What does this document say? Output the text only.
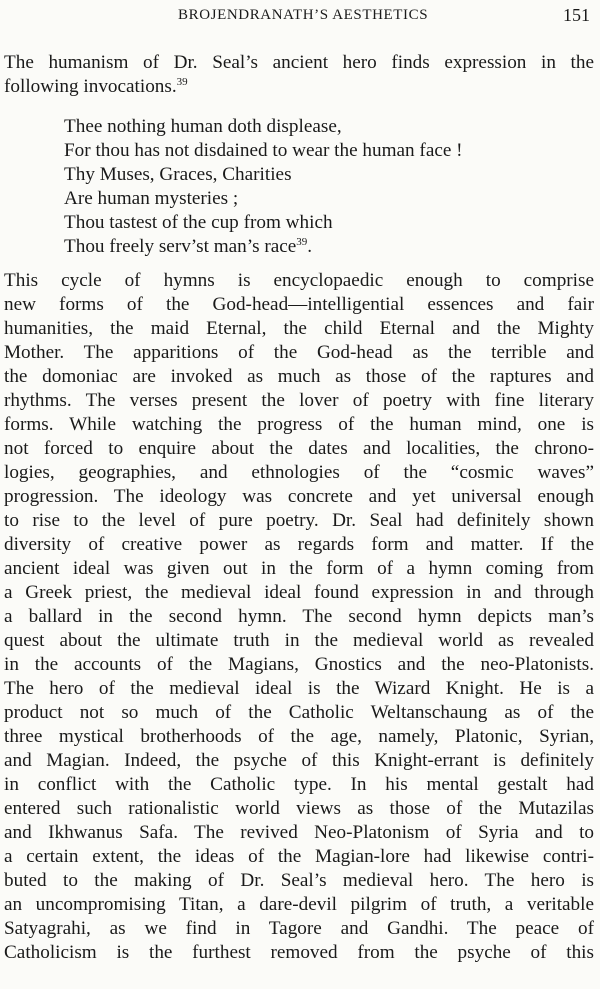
BROJENDRANATH’S AESTHETICS	151
The humanism of Dr. Seal’s ancient hero finds expression in the
following invocations.$^{39}$
Thee nothing human doth displease,
For thou has not disdained to wear the human face !
Thy Muses, Graces, Charities
Are human mysteries ;
Thou tastest of the cup from which
Thou freely serv’st man’s race$^{39}$.
This cycle of hymns is encyclopaedic enough to comprise
new forms of the God-head—intelligential essences and fair
humanities, the maid Eternal, the child Eternal and the Mighty
Mother. The apparitions of the God-head as the terrible and
the domoniac are invoked as much as those of the raptures and
rhythms. The verses present the lover of poetry with fine literary
forms. While watching the progress of the human mind, one is
not forced to enquire about the dates and localities, the chrono-
logies, geographies, and ethnologies of the “cosmic waves”
progression. The ideology was concrete and yet universal enough
to rise to the level of pure poetry. Dr. Seal had definitely shown
diversity of creative power as regards form and matter. If the
ancient ideal was given out in the form of a hymn coming from
a Greek priest, the medieval ideal found expression in and through
a ballard in the second hymn. The second hymn depicts man’s
quest about the ultimate truth in the medieval world as revealed
in the accounts of the Magians, Gnostics and the neo-Platonists.
The hero of the medieval ideal is the Wizard Knight. He is a
product not so much of the Catholic Weltanschaung as of the
three mystical brotherhoods of the age, namely, Platonic, Syrian,
and Magian. Indeed, the psyche of this Knight-errant is definitely
in conflict with the Catholic type. In his mental gestalt had
entered such rationalistic world views as those of the Mutazilas
and Ikhwanus Safa. The revived Neo-Platonism of Syria and to
a certain extent, the ideas of the Magian-lore had likewise contri-
buted to the making of Dr. Seal’s medieval hero. The hero is
an uncompromising Titan, a dare-devil pilgrim of truth, a veritable
Satyagrahi, as we find in Tagore and Gandhi. The peace of
Catholicism is the furthest removed from the psyche of this
